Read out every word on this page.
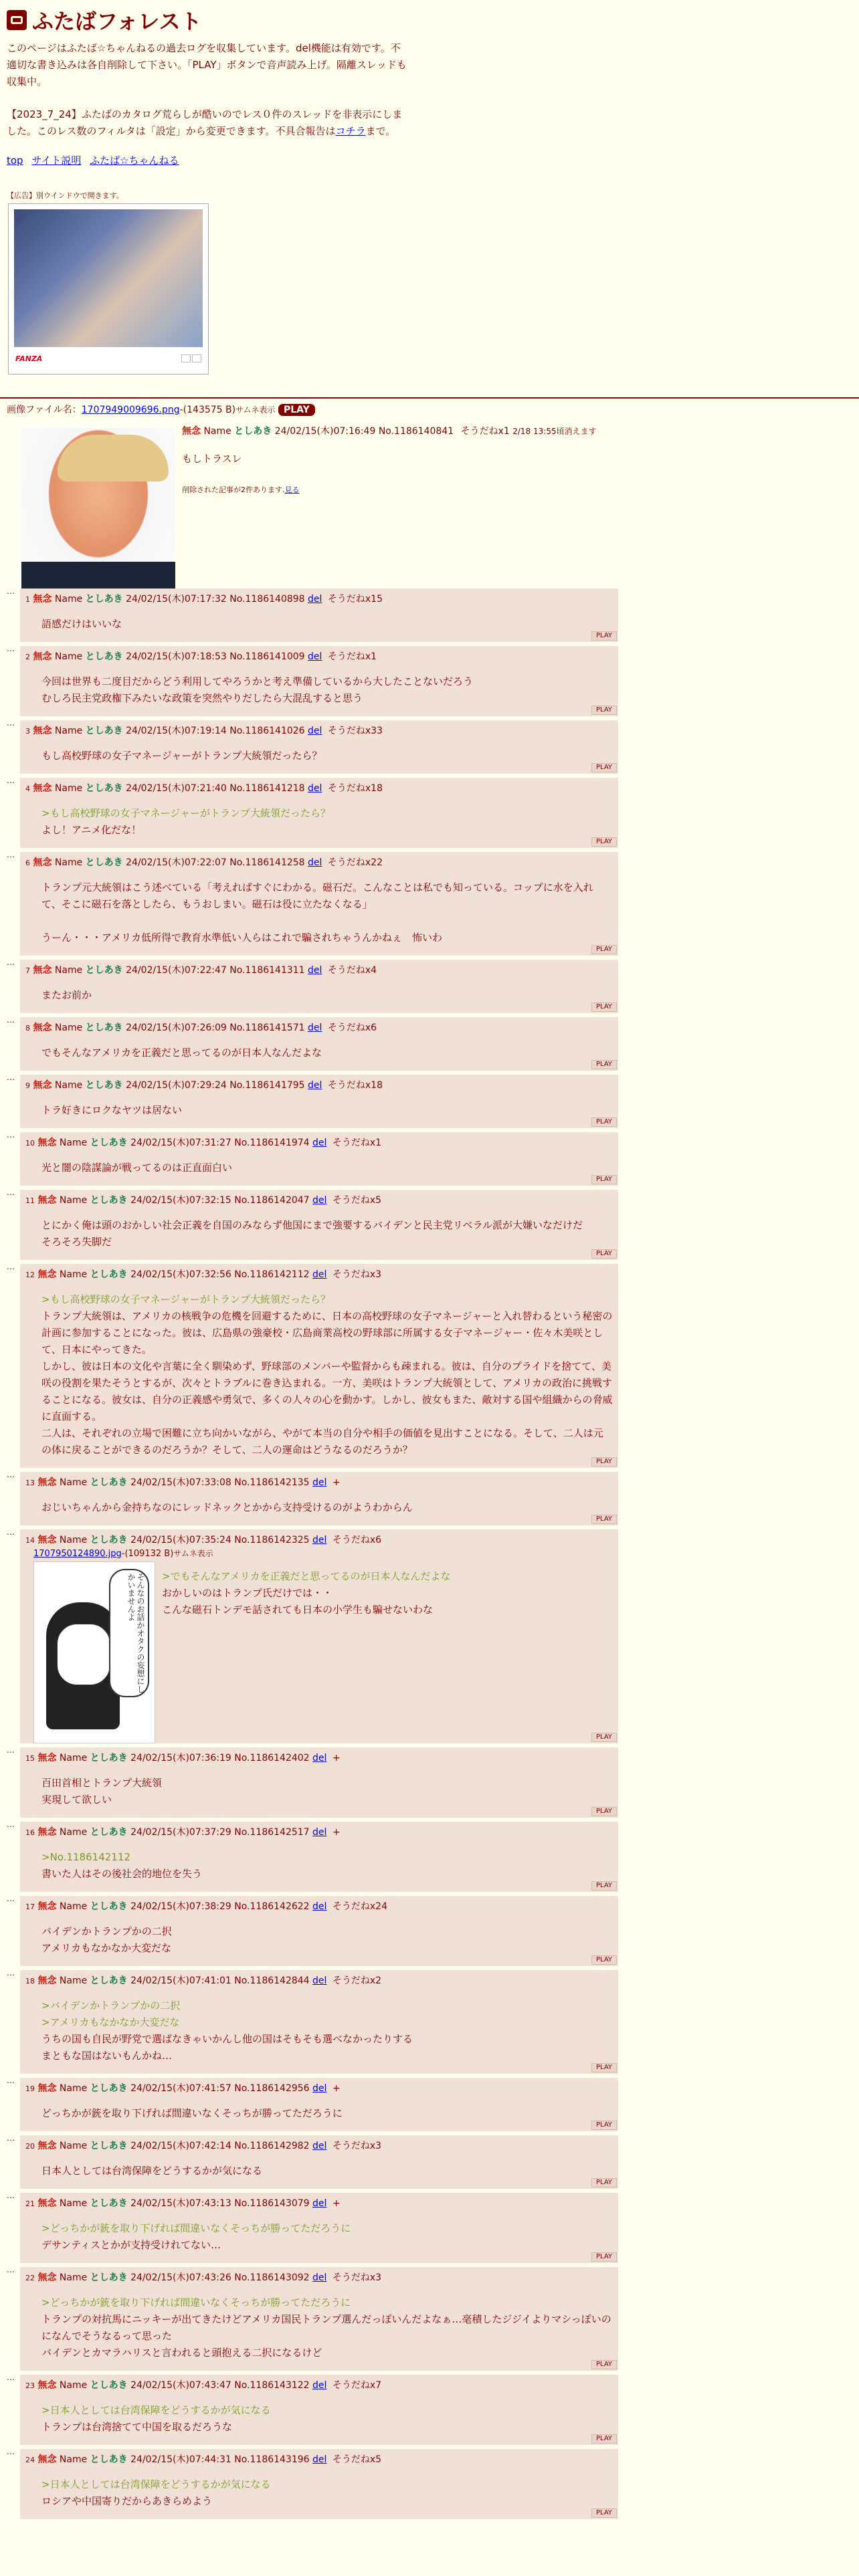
ふたばフォレスト

このページはふたば☆ちゃんねるの過去ログを収集しています。del機能は有効です。不適切な書き込みは各自削除して下さい。「PLAY」ボタンで音声読み上げ。隔離スレッドも収集中。

【2023_7_24】ふたばのカタログ荒らしが酷いのでレス０件のスレッドを非表示にしました。このレス数のフィルタは「設定」から変更できます。不具合報告はコチラまで。

top サイト説明 ふたば☆ちゃんねる
【広告】別ウインドウで開きます。
FANZA
画像ファイル名：1707949009696.png-(143575 B)サムネ表示 PLAY
無念 Name としあき 24/02/15(木)07:16:49 No.1186140841 そうだねx1 2/18 13:55頃消えます
もしトラスレ
削除された記事が2件あります.見る
…
1 無念 Name としあき 24/02/15(木)07:17:32 No.1186140898 del そうだねx15
語感だけはいいな
PLAY
…
2 無念 Name としあき 24/02/15(木)07:18:53 No.1186141009 del そうだねx1
今回は世界も二度目だからどう利用してやろうかと考え準備しているから大したことないだろう
むしろ民主党政権下みたいな政策を突然やりだしたら大混乱すると思う
PLAY
…
3 無念 Name としあき 24/02/15(木)07:19:14 No.1186141026 del そうだねx33
もし高校野球の女子マネージャーがトランプ大統領だったら？
PLAY
…
4 無念 Name としあき 24/02/15(木)07:21:40 No.1186141218 del そうだねx18
>もし高校野球の女子マネージャーがトランプ大統領だったら？
よし！アニメ化だな！
PLAY
…
6 無念 Name としあき 24/02/15(木)07:22:07 No.1186141258 del そうだねx22
トランプ元大統領はこう述べている「考えればすぐにわかる。磁石だ。こんなことは私でも知っている。コップに水を入れて、そこに磁石を落としたら、もうおしまい。磁石は役に立たなくなる」
うーん・・・アメリカ低所得で教育水準低い人らはこれで騙されちゃうんかねぇ　怖いわ
PLAY
…
7 無念 Name としあき 24/02/15(木)07:22:47 No.1186141311 del そうだねx4
またお前か
PLAY
…
8 無念 Name としあき 24/02/15(木)07:26:09 No.1186141571 del そうだねx6
でもそんなアメリカを正義だと思ってるのが日本人なんだよな
PLAY
…
9 無念 Name としあき 24/02/15(木)07:29:24 No.1186141795 del そうだねx18
トラ好きにロクなヤツは居ない
PLAY
…
10 無念 Name としあき 24/02/15(木)07:31:27 No.1186141974 del そうだねx1
光と闇の陰謀論が戦ってるのは正直面白い
PLAY
…
11 無念 Name としあき 24/02/15(木)07:32:15 No.1186142047 del そうだねx5
とにかく俺は頭のおかしい社会正義を自国のみならず他国にまで強要するバイデンと民主党リベラル派が大嫌いなだけだ
そろそろ失脚だ
PLAY
…
12 無念 Name としあき 24/02/15(木)07:32:56 No.1186142112 del そうだねx3
>もし高校野球の女子マネージャーがトランプ大統領だったら？
トランプ大統領は、アメリカの核戦争の危機を回避するために、日本の高校野球の女子マネージャーと入れ替わるという秘密の計画に参加することになった。彼は、広島県の強豪校・広島商業高校の野球部に所属する女子マネージャー・佐々木美咲として、日本にやってきた。
しかし、彼は日本の文化や言葉に全く馴染めず、野球部のメンバーや監督からも疎まれる。彼は、自分のプライドを捨てて、美咲の役割を果たそうとするが、次々とトラブルに巻き込まれる。一方、美咲はトランプ大統領として、アメリカの政治に挑戦することになる。彼女は、自分の正義感や勇気で、多くの人々の心を動かす。しかし、彼女もまた、敵対する国や組織からの脅威に直面する。
二人は、それぞれの立場で困難に立ち向かいながら、やがて本当の自分や相手の価値を見出すことになる。そして、二人は元の体に戻ることができるのだろうか？そして、二人の運命はどうなるのだろうか？
PLAY
…
13 無念 Name としあき 24/02/15(木)07:33:08 No.1186142135 del +
おじいちゃんから金持ちなのにレッドネックとかから支持受けるのがようわからん
PLAY
…
14 無念 Name としあき 24/02/15(木)07:35:24 No.1186142325 del そうだねx6
1707950124890.jpg-(109132 B)サムネ表示
そんなのお話かオタクの妄想にしかいませんよ	>でもそんなアメリカを正義だと思ってるのが日本人なんだよな
おかしいのはトランプ氏だけでは・・
こんな磁石トンデモ話されても日本の小学生も騙せないわな
PLAY
…
15 無念 Name としあき 24/02/15(木)07:36:19 No.1186142402 del +
百田首相とトランプ大統領
実現して欲しい
PLAY
…
16 無念 Name としあき 24/02/15(木)07:37:29 No.1186142517 del +
>No.1186142112
書いた人はその後社会的地位を失う
PLAY
…
17 無念 Name としあき 24/02/15(木)07:38:29 No.1186142622 del そうだねx24
バイデンかトランプかの二択
アメリカもなかなか大変だな
PLAY
…
18 無念 Name としあき 24/02/15(木)07:41:01 No.1186142844 del そうだねx2
>バイデンかトランプかの二択
>アメリカもなかなか大変だな
うちの国も自民が野党で選ばなきゃいかんし他の国はそもそも選べなかったりする
まともな国はないもんかね…
PLAY
…
19 無念 Name としあき 24/02/15(木)07:41:57 No.1186142956 del +
どっちかが銃を取り下げれば間違いなくそっちが勝ってただろうに
PLAY
…
20 無念 Name としあき 24/02/15(木)07:42:14 No.1186142982 del そうだねx3
日本人としては台湾保障をどうするかが気になる
PLAY
…
21 無念 Name としあき 24/02/15(木)07:43:13 No.1186143079 del +
>どっちかが銃を取り下げれば間違いなくそっちが勝ってただろうに
デサンティスとかが支持受けれてない…
PLAY
…
22 無念 Name としあき 24/02/15(木)07:43:26 No.1186143092 del そうだねx3
>どっちかが銃を取り下げれば間違いなくそっちが勝ってただろうに
トランプの対抗馬にニッキーが出てきたけどアメリカ国民トランプ選んだっぽいんだよなぁ…毫積したジジイよりマシっぽいのになんでそうなるって思った
バイデンとカマラハリスと言われると頭抱える二択になるけど
PLAY
…
23 無念 Name としあき 24/02/15(木)07:43:47 No.1186143122 del そうだねx7
>日本人としては台湾保障をどうするかが気になる
トランプは台湾捨てて中国を取るだろうな
PLAY
…
24 無念 Name としあき 24/02/15(木)07:44:31 No.1186143196 del そうだねx5
>日本人としては台湾保障をどうするかが気になる
ロシアや中国寄りだからあきらめよう
PLAY
